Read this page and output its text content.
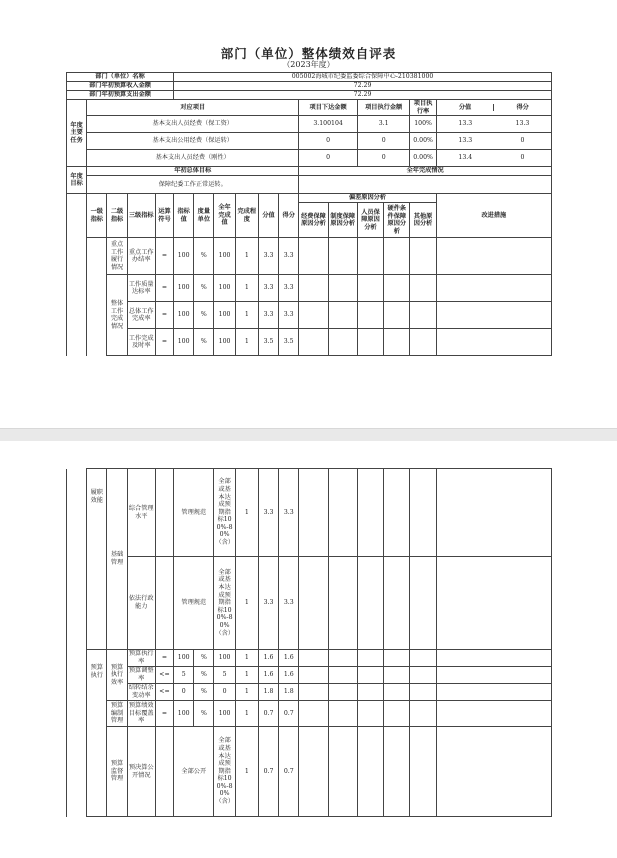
部门（单位）整体绩效自评表
（2023年度）
部门（单位）名称					005002海城市纪委监委综合保障中心-210381000											
部门年初预算收入金额					72.29											
部门年初预算支出金额					72.29											
年度主要任务	对应项目										项目下达金额		项目执行金额		项目执行率	分值 得分

	基本支出人员经费（保工资）										3.100104		3.1		100%	13.3 13.3

	基本支出公用经费（保运转）										0		0		0.00%	13.3 0

	基本支出人员经费（刚性）										0		0		0.00%	13.4 0

年度目标	年初总体目标										全年完成情况					
	保障纪委工作正常运转。															
	一级指标	二级指标	三级指标	运算符号	指标值	度量单位	全年完成值	完成程度	分值	得分	偏差原因分析					改进措施
											经费保障原因分析	制度保障原因分析	人员保障原因分析	硬件条件保障原因分析	其他原因分析	
		重点工作履行情况	重点工作办结率	=	100	%	100	1	3.3	3.3						
		整体工作完成情况	工作质量达标率	=	100	%	100	1	3.3	3.3						
			总体工作完成率	=	100	%	100	1	3.3	3.3						
			工作完成及时率	=	100	%	100	1	3.5	3.5						
	履职效能	基础管理	综合管理水平		管理规范		全部或基本达成预期指标100%-80%（含）	1	3.3	3.3						
			依法行政能力		管理规范		全部或基本达成预期指标100%-80%（含）	1	3.3	3.3						
	预算执行	预算执行效率	预算执行率	=	100	%	100	1	1.6	1.6						
			预算调整率	<=	5	%	5	1	1.6	1.6						
			结转结余变动率	<=	0	%	0	1	1.8	1.8						
		预算编制管理	预算绩效目标覆盖率	=	100	%	100	1	0.7	0.7						
		预算监督管理	预决算公开情况		全部公开		全部或基本达成预期指标100%-80%（含）	1	0.7	0.7						
